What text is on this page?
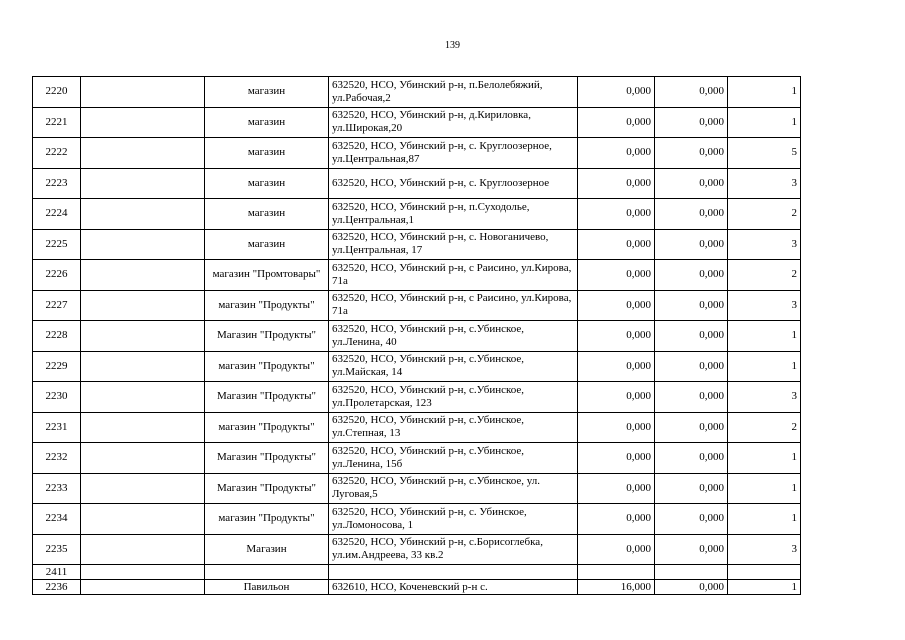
139
2220		магазин	632520, НСО, Убинский р-н, п.Белолебяжий, ул.Рабочая,2	0,000	0,000	1
2221		магазин	632520, НСО, Убинский р-н, д.Кириловка, ул.Широкая,20	0,000	0,000	1
2222		магазин	632520, НСО, Убинский р-н, с. Круглоозерное, ул.Центральная,87	0,000	0,000	5
2223		магазин	632520, НСО, Убинский р-н, с. Круглоозерное	0,000	0,000	3
2224		магазин	632520, НСО, Убинский р-н, п.Суходолье, ул.Центральная,1	0,000	0,000	2
2225		магазин	632520, НСО, Убинский р-н, с. Новоганичево, ул.Центральная, 17	0,000	0,000	3
2226		магазин "Промтовары"	632520, НСО, Убинский р-н, с Раисино, ул.Кирова, 71а	0,000	0,000	2
2227		магазин "Продукты"	632520, НСО, Убинский р-н, с Раисино, ул.Кирова, 71а	0,000	0,000	3
2228		Магазин "Продукты"	632520, НСО, Убинский р-н, с.Убинское, ул.Ленина, 40	0,000	0,000	1
2229		магазин "Продукты"	632520, НСО, Убинский р-н, с.Убинское, ул.Майская, 14	0,000	0,000	1
2230		Магазин "Продукты"	632520, НСО, Убинский р-н, с.Убинское, ул.Пролетарская, 123	0,000	0,000	3
2231		магазин "Продукты"	632520, НСО, Убинский р-н, с.Убинское, ул.Степная, 13	0,000	0,000	2
2232		Магазин "Продукты"	632520, НСО, Убинский р-н, с.Убинское, ул.Ленина, 15б	0,000	0,000	1
2233		Магазин "Продукты"	632520, НСО, Убинский р-н, с.Убинское, ул. Луговая,5	0,000	0,000	1
2234		магазин "Продукты"	632520, НСО, Убинский р-н, с. Убинское, ул.Ломоносова, 1	0,000	0,000	1
2235		Магазин	632520, НСО, Убинский р-н, с.Борисоглебка, ул.им.Андреева, 33 кв.2	0,000	0,000	3
2411						
2236		Павильон	632610, НСО, Коченевский р-н с.	16,000	0,000	1
